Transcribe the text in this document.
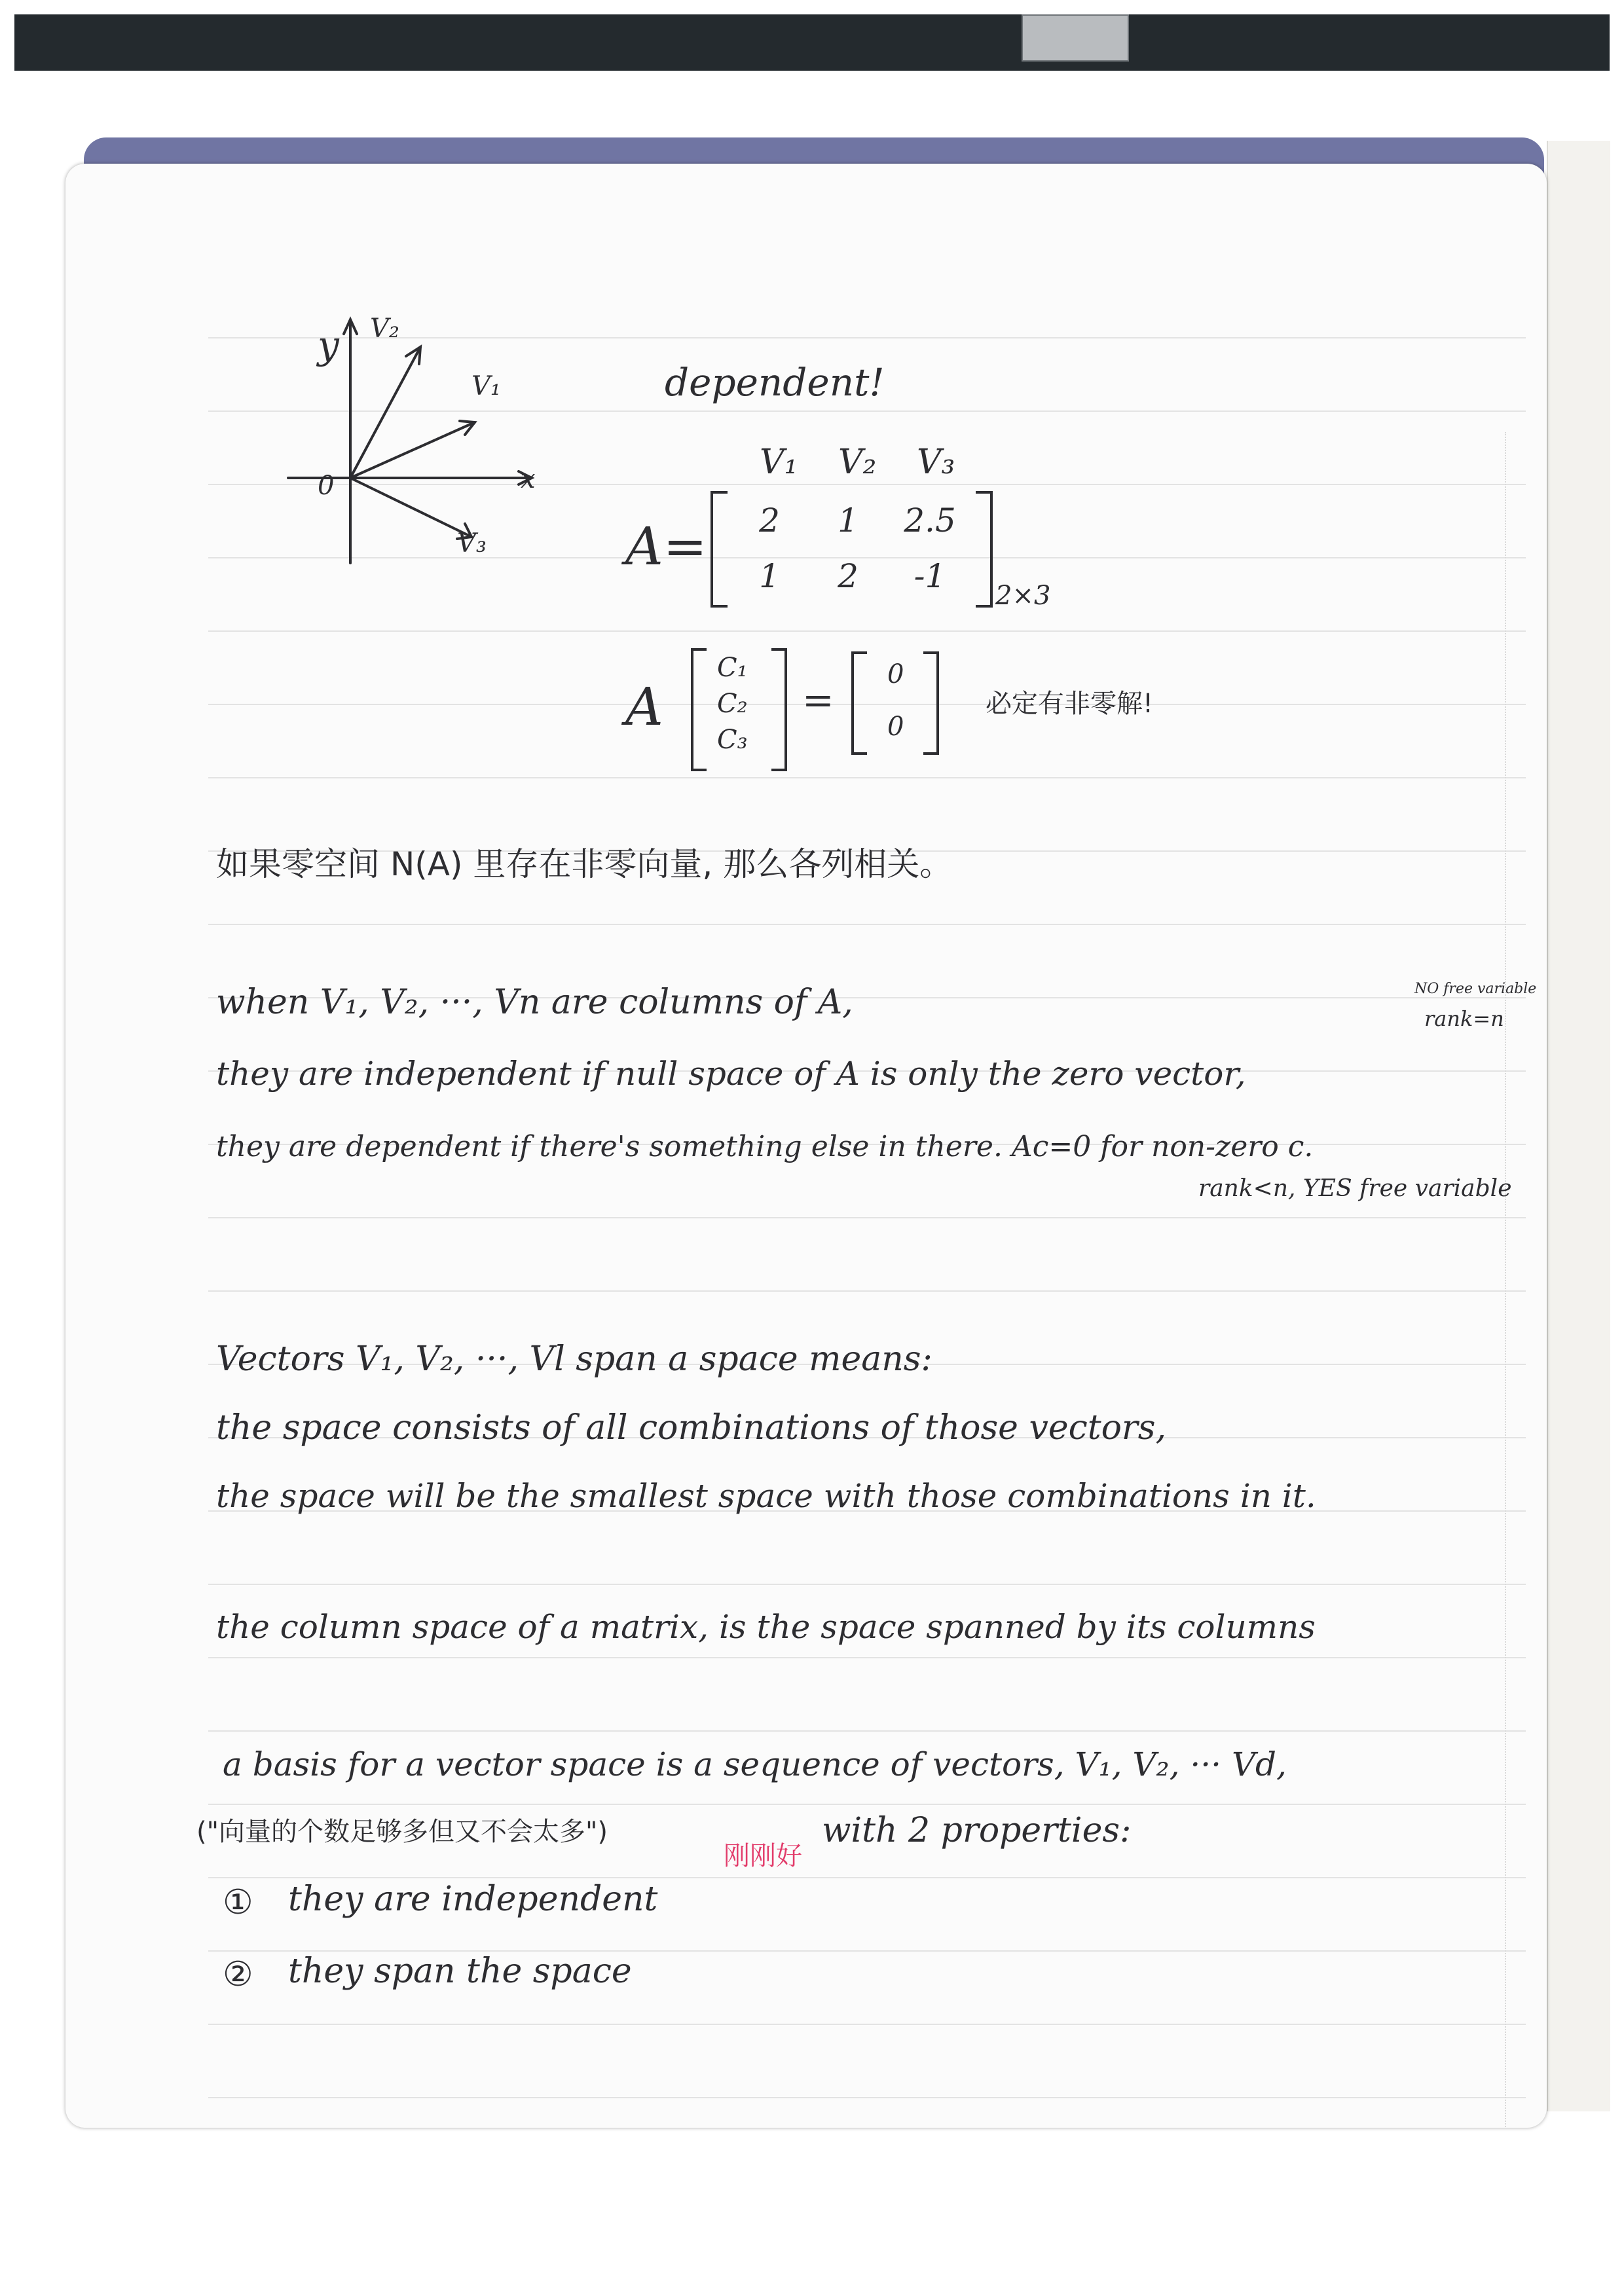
y
x
0
V₂
V₁
V₃
dependent!
V₁ V₂ V₃
A=	2	1	2.5
1	2	-1
2×3
A
C₁
C₂
C₃
=
0
0
必定有非零解!
如果零空间 N(A) 里存在非零向量, 那么各列相关。
when V₁, V₂, ···, Vn are columns of A,
they are independent if null space of A is only the zero vector,
NO free variable
rank=n
they are dependent if there's something else in there. Ac=0 for non-zero c.
rank<n, YES free variable
Vectors V₁, V₂, ···, Vl span a space means:
the space consists of all combinations of those vectors,
the space will be the smallest space with those combinations in it.
the column space of a matrix, is the space spanned by its columns
a basis for a vector space is a sequence of vectors, V₁, V₂, ··· Vd,
("向量的个数足够多但又不会太多")
刚刚好
with 2 properties:
① they are independent
② they span the space
